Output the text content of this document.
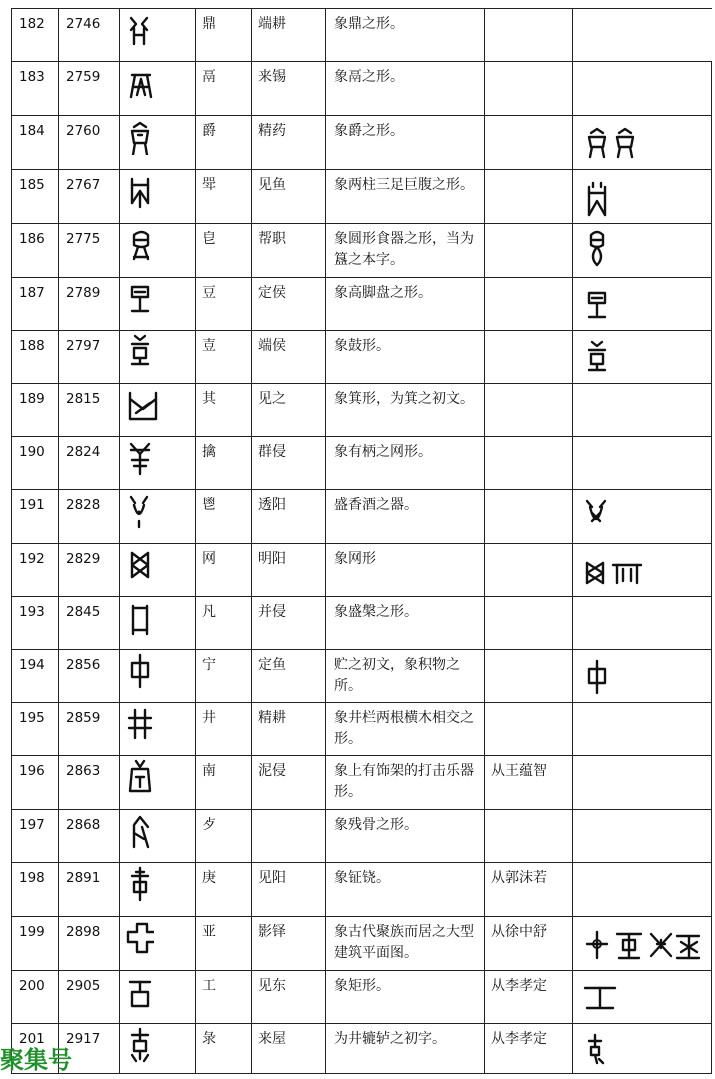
182	2746		鼎	端耕	象鼎之形。		
183	2759		鬲	来锡	象鬲之形。		
184	2760		爵	精药	象爵之形。		

185	2767		斝	见鱼	象两柱三足巨腹之形。		

186	2775		皀	帮职	象圆形食器之形，当为簋之本字。		

187	2789		豆	定侯	象高脚盘之形。		

188	2797		壴	端侯	象鼓形。		

189	2815		其	见之	象箕形，为箕之初文。		
190	2824		擒	群侵	象有柄之网形。		
191	2828		鬯	透阳	盛香酒之器。		

192	2829		网	明阳	象网形		

193	2845		凡	并侵	象盛槃之形。		
194	2856		宁	定鱼	贮之初文，象积物之所。		

195	2859		井	精耕	象井栏两根横木相交之形。		
196	2863		南	泥侵	象上有饰架的打击乐器形。	从王蕴智	
197	2868		歺		象残骨之形。		
198	2891		庚	见阳	象钲铙。	从郭沫若	
199	2898		亚	影铎	象古代聚族而居之大型建筑平面图。	从徐中舒	

200	2905		工	见东	象矩形。	从李孝定	

201	2917		彔	来屋	为井辘轳之初字。	从李孝定	
聚集号
